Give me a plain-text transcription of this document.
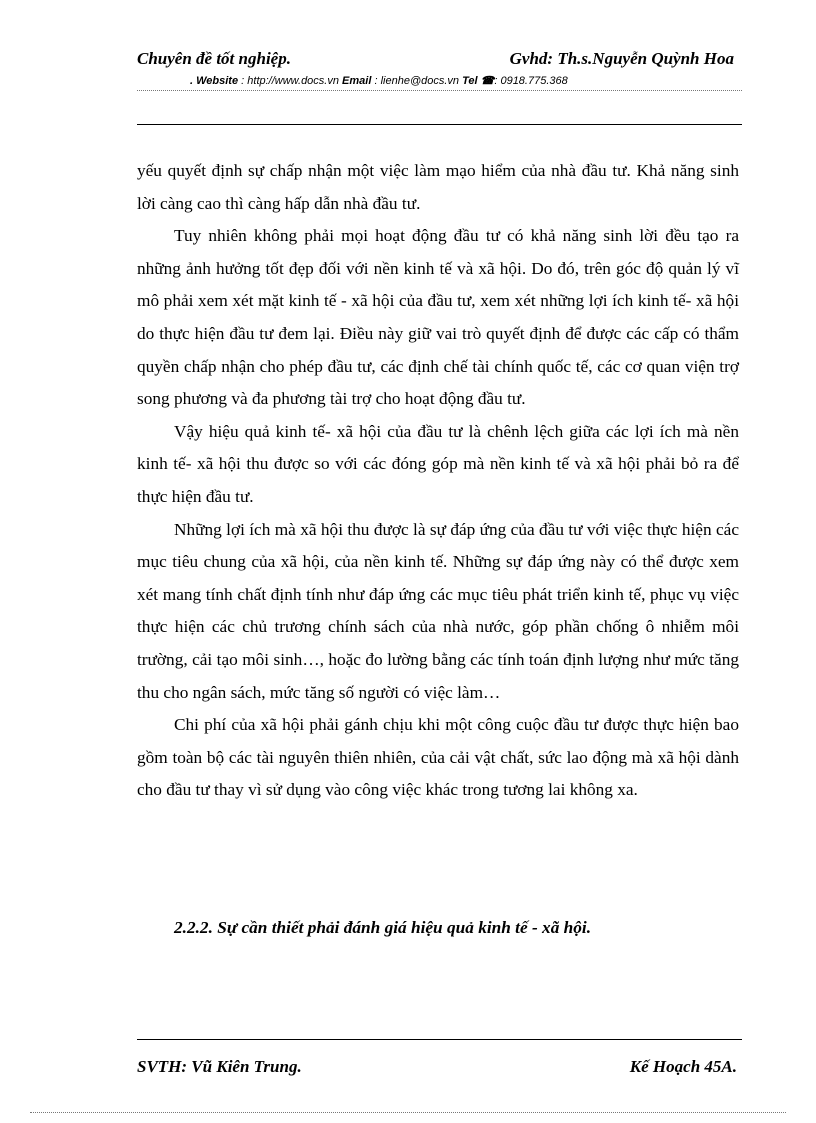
Chuyên đề tốt nghiệp.	Gvhd: Th.s.Nguyễn Quỳnh Hoa
. Website : http://www.docs.vn Email : lienhe@docs.vn Tel ☎: 0918.775.368

yếu quyết định sự chấp nhận một việc làm mạo hiểm của nhà đầu tư. Khả năng sinh lời càng cao thì càng hấp dẫn nhà đầu tư.

Tuy nhiên không phải mọi hoạt động đầu tư có khả năng sinh lời đều tạo ra những ảnh hưởng tốt đẹp đối với nền kinh tế và xã hội. Do đó, trên góc độ quản lý vĩ mô phải xem xét mặt kinh tế - xã hội của đầu tư, xem xét những lợi ích kinh tế- xã hội do thực hiện đầu tư đem lại. Điều này giữ vai trò quyết định để được các cấp có thẩm quyền chấp nhận cho phép đầu tư, các định chế tài chính quốc tế, các cơ quan viện trợ song phương và đa phương tài trợ cho hoạt động đầu tư.

Vậy hiệu quả kinh tế- xã hội của đầu tư là chênh lệch giữa các lợi ích mà nền kinh tế- xã hội thu được so với các đóng góp mà nền kinh tế và xã hội phải bỏ ra để thực hiện đầu tư.

Những lợi ích mà xã hội thu được là sự đáp ứng của đầu tư với việc thực hiện các mục tiêu chung của xã hội, của nền kinh tế. Những sự đáp ứng này có thể được xem xét mang tính chất định tính như đáp ứng các mục tiêu phát triển kinh tế, phục vụ việc thực hiện các chủ trương chính sách của nhà nước, góp phần chống ô nhiễm môi trường, cải tạo môi sinh…, hoặc đo lường bằng các tính toán định lượng như mức tăng thu cho ngân sách, mức tăng số người có việc làm…

Chi phí của xã hội phải gánh chịu khi một công cuộc đầu tư được thực hiện bao gồm toàn bộ các tài nguyên thiên nhiên, của cải vật chất, sức lao động mà xã hội dành cho đầu tư thay vì sử dụng vào công việc khác trong tương lai không xa.

2.2.2. Sự cần thiết phải đánh giá hiệu quả kinh tế - xã hội.
SVTH: Vũ Kiên Trung.	Kế Hoạch 45A.
